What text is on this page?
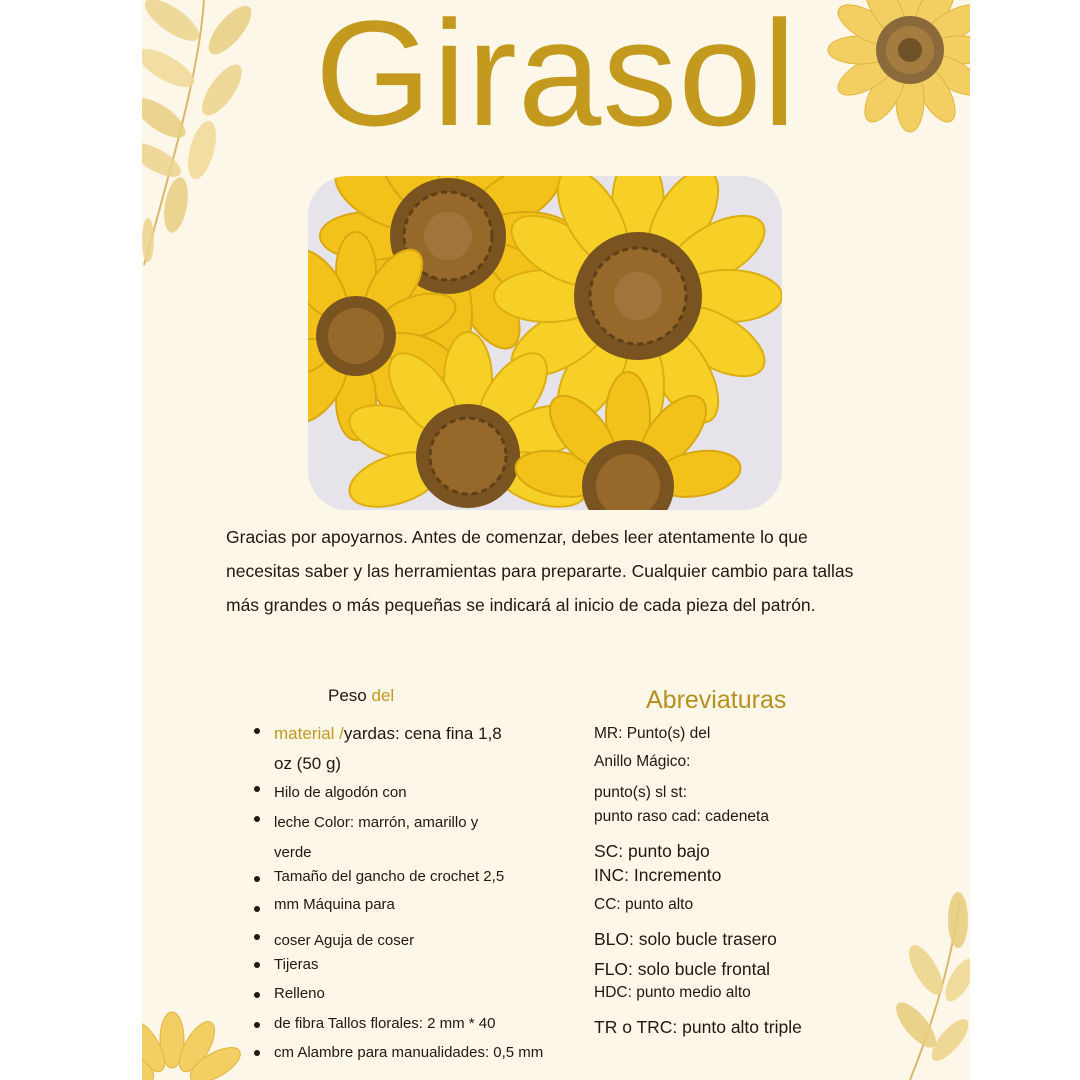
Girasol

Gracias por apoyarnos. Antes de comenzar, debes leer atentamente lo que necesitas saber y las herramientas para prepararte. Cualquier cambio para tallas más grandes o más pequeñas se indicará al inicio de cada pieza del patrón.

Peso del
material /yardas: cena fina 1,8
oz (50 g)
Hilo de algodón con
leche Color: marrón, amarillo y
verde
Tamaño del gancho de crochet 2,5
mm Máquina para
coser Aguja de coser
Tijeras
Relleno
de fibra Tallos florales: 2 mm * 40
cm Alambre para manualidades: 0,5 mm
Abreviaturas
MR: Punto(s) del
Anillo Mágico:
punto(s) sl st:
punto raso cad: cadeneta
SC: punto bajo
INC: Incremento
CC: punto alto
BLO: solo bucle trasero
FLO: solo bucle frontal
HDC: punto medio alto
TR o TRC: punto alto triple
